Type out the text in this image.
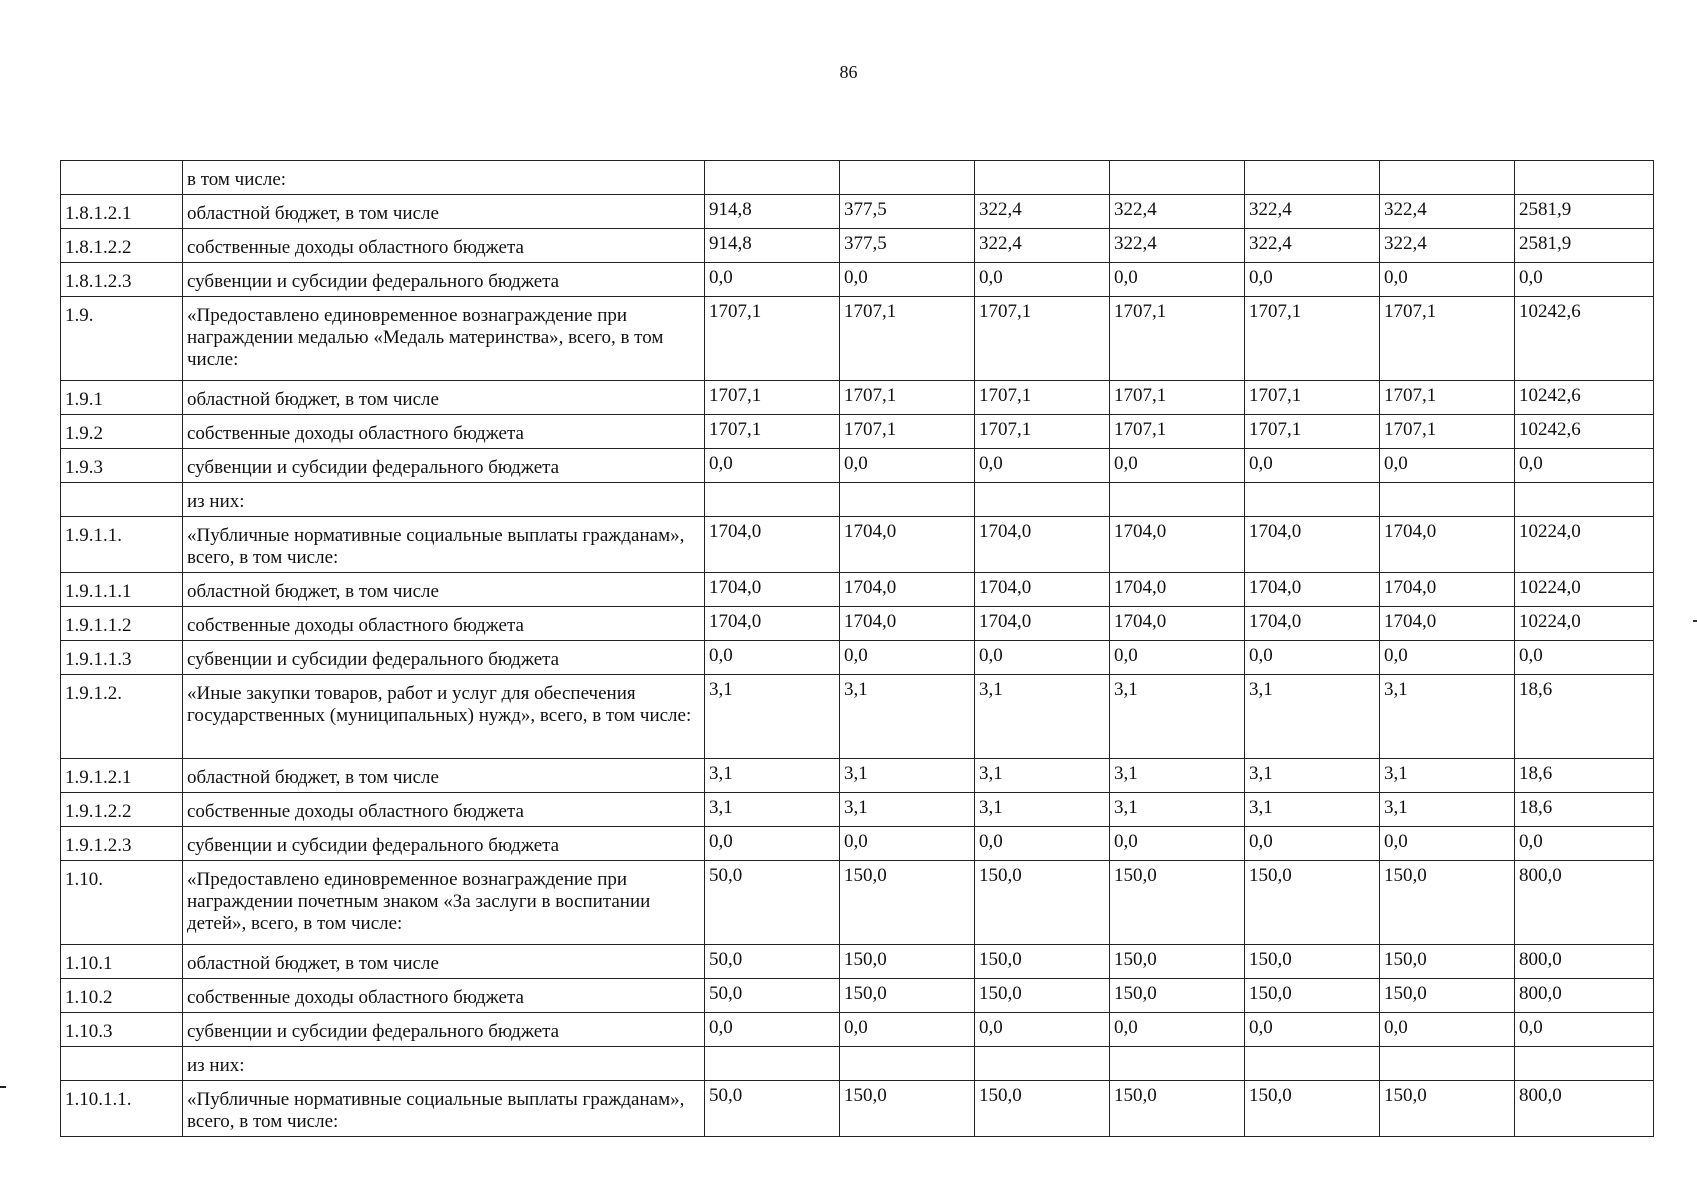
86
	в том числе:							
1.8.1.2.1	областной бюджет, в том числе	914,8	377,5	322,4	322,4	322,4	322,4	2581,9
1.8.1.2.2	собственные доходы областного бюджета	914,8	377,5	322,4	322,4	322,4	322,4	2581,9
1.8.1.2.3	субвенции и субсидии федерального бюджета	0,0	0,0	0,0	0,0	0,0	0,0	0,0
1.9.	«Предоставлено единовременное вознаграждение при награждении медалью «Медаль материнства», всего, в том числе:	1707,1	1707,1	1707,1	1707,1	1707,1	1707,1	10242,6
1.9.1	областной бюджет, в том числе	1707,1	1707,1	1707,1	1707,1	1707,1	1707,1	10242,6
1.9.2	собственные доходы областного бюджета	1707,1	1707,1	1707,1	1707,1	1707,1	1707,1	10242,6
1.9.3	субвенции и субсидии федерального бюджета	0,0	0,0	0,0	0,0	0,0	0,0	0,0
	из них:							
1.9.1.1.	«Публичные нормативные социальные выплаты гражданам», всего, в том числе:	1704,0	1704,0	1704,0	1704,0	1704,0	1704,0	10224,0
1.9.1.1.1	областной бюджет, в том числе	1704,0	1704,0	1704,0	1704,0	1704,0	1704,0	10224,0
1.9.1.1.2	собственные доходы областного бюджета	1704,0	1704,0	1704,0	1704,0	1704,0	1704,0	10224,0
1.9.1.1.3	субвенции и субсидии федерального бюджета	0,0	0,0	0,0	0,0	0,0	0,0	0,0
1.9.1.2.	«Иные закупки товаров, работ и услуг для обеспечения государственных (муниципальных) нужд», всего, в том числе:	3,1	3,1	3,1	3,1	3,1	3,1	18,6
1.9.1.2.1	областной бюджет, в том числе	3,1	3,1	3,1	3,1	3,1	3,1	18,6
1.9.1.2.2	собственные доходы областного бюджета	3,1	3,1	3,1	3,1	3,1	3,1	18,6
1.9.1.2.3	субвенции и субсидии федерального бюджета	0,0	0,0	0,0	0,0	0,0	0,0	0,0
1.10.	«Предоставлено единовременное вознаграждение при награждении почетным знаком «За заслуги в воспитании детей», всего, в том числе:	50,0	150,0	150,0	150,0	150,0	150,0	800,0
1.10.1	областной бюджет, в том числе	50,0	150,0	150,0	150,0	150,0	150,0	800,0
1.10.2	собственные доходы областного бюджета	50,0	150,0	150,0	150,0	150,0	150,0	800,0
1.10.3	субвенции и субсидии федерального бюджета	0,0	0,0	0,0	0,0	0,0	0,0	0,0
	из них:							
1.10.1.1.	«Публичные нормативные социальные выплаты гражданам», всего, в том числе:	50,0	150,0	150,0	150,0	150,0	150,0	800,0
